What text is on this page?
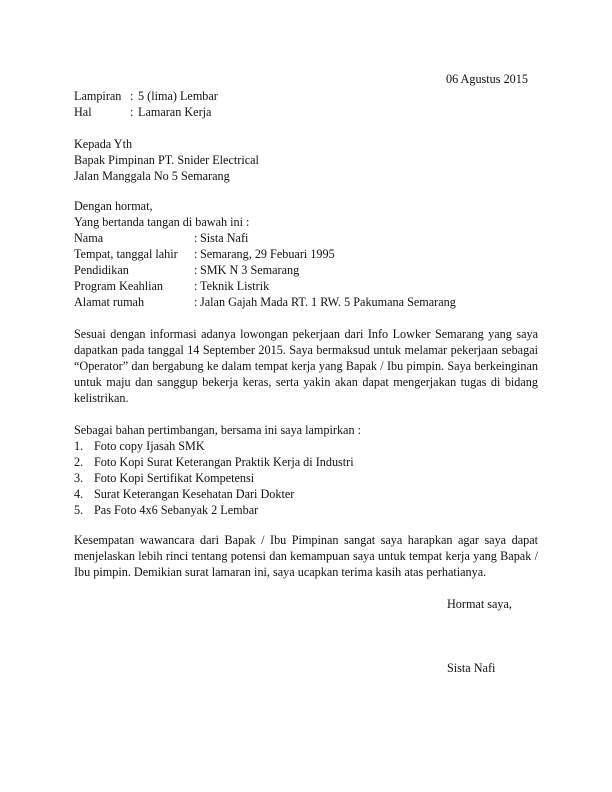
06 Agustus 2015
Lampiran : 5 (lima) Lembar
Hal	: Lamaran Kerja
Kepada Yth
Bapak Pimpinan PT. Snider Electrical
Jalan Manggala No 5 Semarang
Dengan hormat,
Yang bertanda tangan di bawah ini :
Nama	: Sista Nafi
Tempat, tanggal lahir	: Semarang, 29 Febuari 1995
Pendidikan	: SMK N 3 Semarang
Program Keahlian	: Teknik Listrik
Alamat rumah	: Jalan Gajah Mada RT. 1 RW. 5 Pakumana Semarang
Sesuai dengan informasi adanya lowongan pekerjaan dari Info Lowker Semarang yang saya dapatkan pada tanggal 14 September 2015. Saya bermaksud untuk melamar pekerjaan sebagai “Operator” dan bergabung ke dalam tempat kerja yang Bapak / Ibu pimpin. Saya berkeinginan untuk maju dan sanggup bekerja keras, serta yakin akan dapat mengerjakan tugas di bidang kelistrikan.
Sebagai bahan pertimbangan, bersama ini saya lampirkan :
1. Foto copy Ijasah SMK
2. Foto Kopi Surat Keterangan Praktik Kerja di Industri
3. Foto Kopi Sertifikat Kompetensi
4. Surat Keterangan Kesehatan Dari Dokter
5. Pas Foto 4x6 Sebanyak 2 Lembar
Kesempatan wawancara dari Bapak / Ibu Pimpinan sangat saya harapkan agar saya dapat menjelaskan lebih rinci tentang potensi dan kemampuan saya untuk tempat kerja yang Bapak / Ibu pimpin. Demikian surat lamaran ini, saya ucapkan terima kasih atas perhatianya.
Hormat saya,
Sista Nafi
